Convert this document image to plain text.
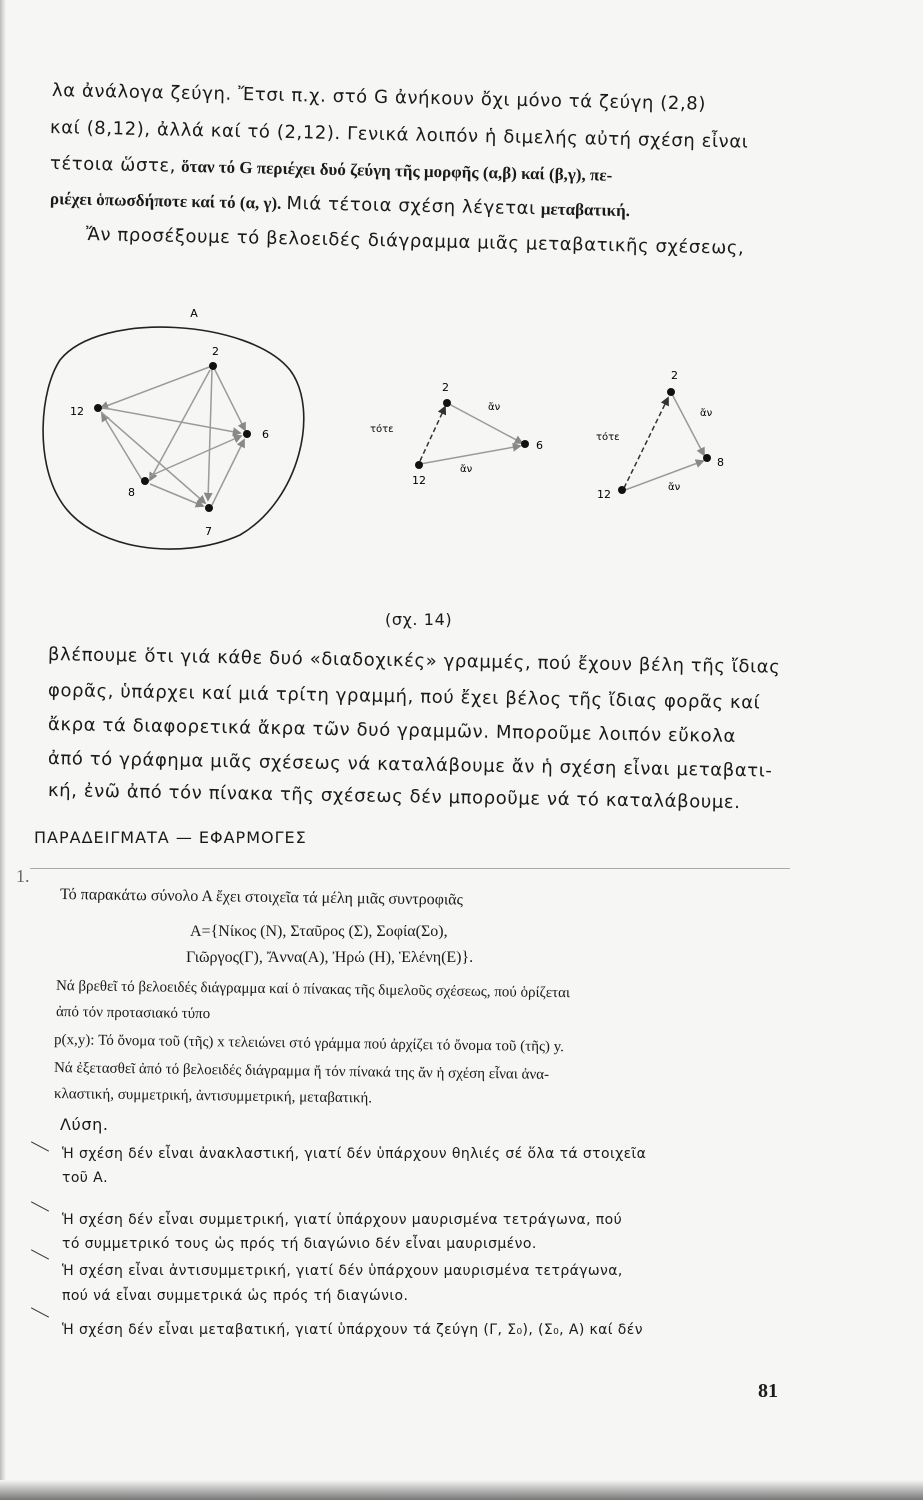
λα ἀνάλογα ζεύγη. Ἔτσι π.χ. στό G ἀνήκουν ὄχι μόνο τά ζεύγη (2,8)
καί (8,12), ἀλλά καί τό (2,12). Γενικά λοιπόν ἡ διμελής αὐτή σχέση εἶναι
τέτοια ὥστε, ὅταν τό G περιέχει δυό ζεύγη τῆς μορφῆς (α,β) καί (β,γ), πε-
ριέχει ὁπωσδήποτε καί τό (α, γ). Μιά τέτοια σχέση λέγεται μεταβατική.
Ἄν προσέξουμε τό βελοειδές διάγραμμα μιᾶς μεταβατικῆς σχέσεως,
A
2
12
6
8
7
τότε
2
12
6
ἄν
ἄν
τότε
2
12
8
ἄν
ἄν
(σχ. 14)
βλέπουμε ὅτι γιά κάθε δυό «διαδοχικές» γραμμές, πού ἔχουν βέλη τῆς ἴδιας
φορᾶς, ὑπάρχει καί μιά τρίτη γραμμή, πού ἔχει βέλος τῆς ἴδιας φορᾶς καί
ἄκρα τά διαφορετικά ἄκρα τῶν δυό γραμμῶν. Μποροῦμε λοιπόν εὔκολα
ἀπό τό γράφημα μιᾶς σχέσεως νά καταλάβουμε ἄν ἡ σχέση εἶναι μεταβατι-
κή, ἐνῶ ἀπό τόν πίνακα τῆς σχέσεως δέν μποροῦμε νά τό καταλάβουμε.
ΠΑΡΑΔΕΙΓΜΑΤΑ — ΕΦΑΡΜΟΓΕΣ
1.
Τό παρακάτω σύνολο Α ἔχει στοιχεῖα τά μέλη μιᾶς συντροφιᾶς
Α={Νίκος (Ν), Σταῦρος (Σ), Σοφία(Σο),
Γιῶργος(Γ), Ἄννα(Α), Ἠρώ (Η), Ἑλένη(Ε)}.
Νά βρεθεῖ τό βελοειδές διάγραμμα καί ὁ πίνακας τῆς διμελοῦς σχέσεως, πού ὁρίζεται
ἀπό τόν προτασιακό τύπο
p(x,y): Τό ὄνομα τοῦ (τῆς) x τελειώνει στό γράμμα πού ἀρχίζει τό ὄνομα τοῦ (τῆς) y.
Νά ἐξετασθεῖ ἀπό τό βελοειδές διάγραμμα ἤ τόν πίνακά της ἄν ἡ σχέση εἶναι ἀνα-
κλαστική, συμμετρική, ἀντισυμμετρική, μεταβατική.
Λύση.
Ἡ σχέση δέν εἶναι ἀνακλαστική, γιατί δέν ὑπάρχουν θηλιές σέ ὅλα τά στοιχεῖα
τοῦ Α.
Ἡ σχέση δέν εἶναι συμμετρική, γιατί ὑπάρχουν μαυρισμένα τετράγωνα, πού
τό συμμετρικό τους ὡς πρός τή διαγώνιο δέν εἶναι μαυρισμένο.
Ἡ σχέση εἶναι ἀντισυμμετρική, γιατί δέν ὑπάρχουν μαυρισμένα τετράγωνα,
πού νά εἶναι συμμετρικά ὡς πρός τή διαγώνιο.
Ἡ σχέση δέν εἶναι μεταβατική, γιατί ὑπάρχουν τά ζεύγη (Γ, Σ₀), (Σ₀, Α) καί δέν
81
